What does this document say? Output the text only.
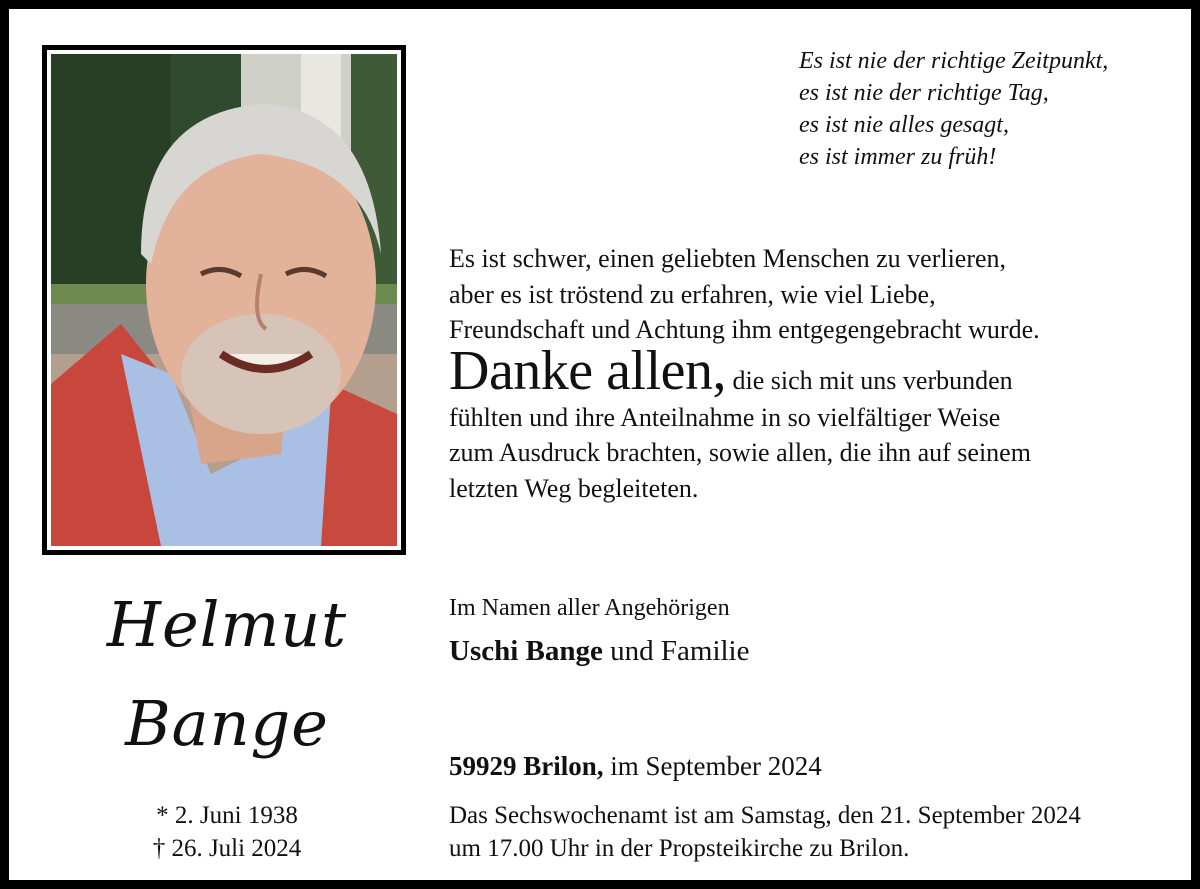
Es ist nie der richtige Zeitpunkt,
es ist nie der richtige Tag,
es ist nie alles gesagt,
es ist immer zu früh!
Es ist schwer, einen geliebten Menschen zu verlieren,
aber es ist tröstend zu erfahren, wie viel Liebe,
Freundschaft und Achtung ihm entgegengebracht wurde.
Danke allen, die sich mit uns verbunden
fühlten und ihre Anteilnahme in so vielfältiger Weise
zum Ausdruck brachten, sowie allen, die ihn auf seinem
letzten Weg begleiteten.
Helmut
Bange
* 2. Juni 1938
† 26. Juli 2024
Im Namen aller Angehörigen
Uschi Bange und Familie
59929 Brilon, im September 2024
Das Sechswochenamt ist am Samstag, den 21. September 2024
um 17.00 Uhr in der Propsteikirche zu Brilon.
